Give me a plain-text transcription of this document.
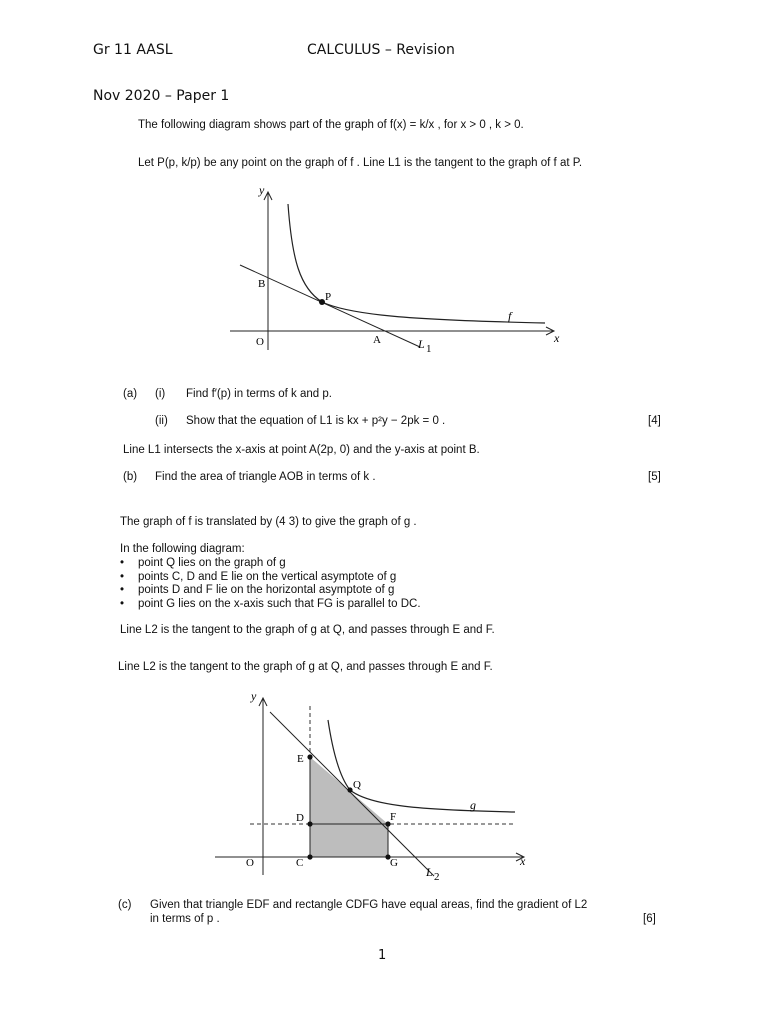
Gr 11 AASL	CALCULUS – Revision
Nov 2020 – Paper 1
The following diagram shows part of the graph of f(x) = k/x , for x > 0 , k > 0.
Let P(p, k/p) be any point on the graph of f . Line L1 is the tangent to the graph of f at P.
y
B
P
O	A	L 1
f
x
(a) (i) Find f′(p) in terms of k and p.
(ii) Show that the equation of L1 is kx + p²y − 2pk = 0 .	[4]
Line L1 intersects the x-axis at point A(2p, 0) and the y-axis at point B.
(b) Find the area of triangle AOB in terms of k .	[5]
The graph of f is translated by (4 3) to give the graph of g .
In the following diagram:
• point Q lies on the graph of g
• points C, D and E lie on the vertical asymptote of g
• points D and F lie on the horizontal asymptote of g
• point G lies on the x-axis such that FG is parallel to DC.
Line L2 is the tangent to the graph of g at Q, and passes through E and F.
Line L2 is the tangent to the graph of g at Q, and passes through E and F.
y
E
Q
D	F
O	C	G
g
L 2
x
(c) Given that triangle EDF and rectangle CDFG have equal areas, find the gradient of L2
in terms of p .	[6]
1
